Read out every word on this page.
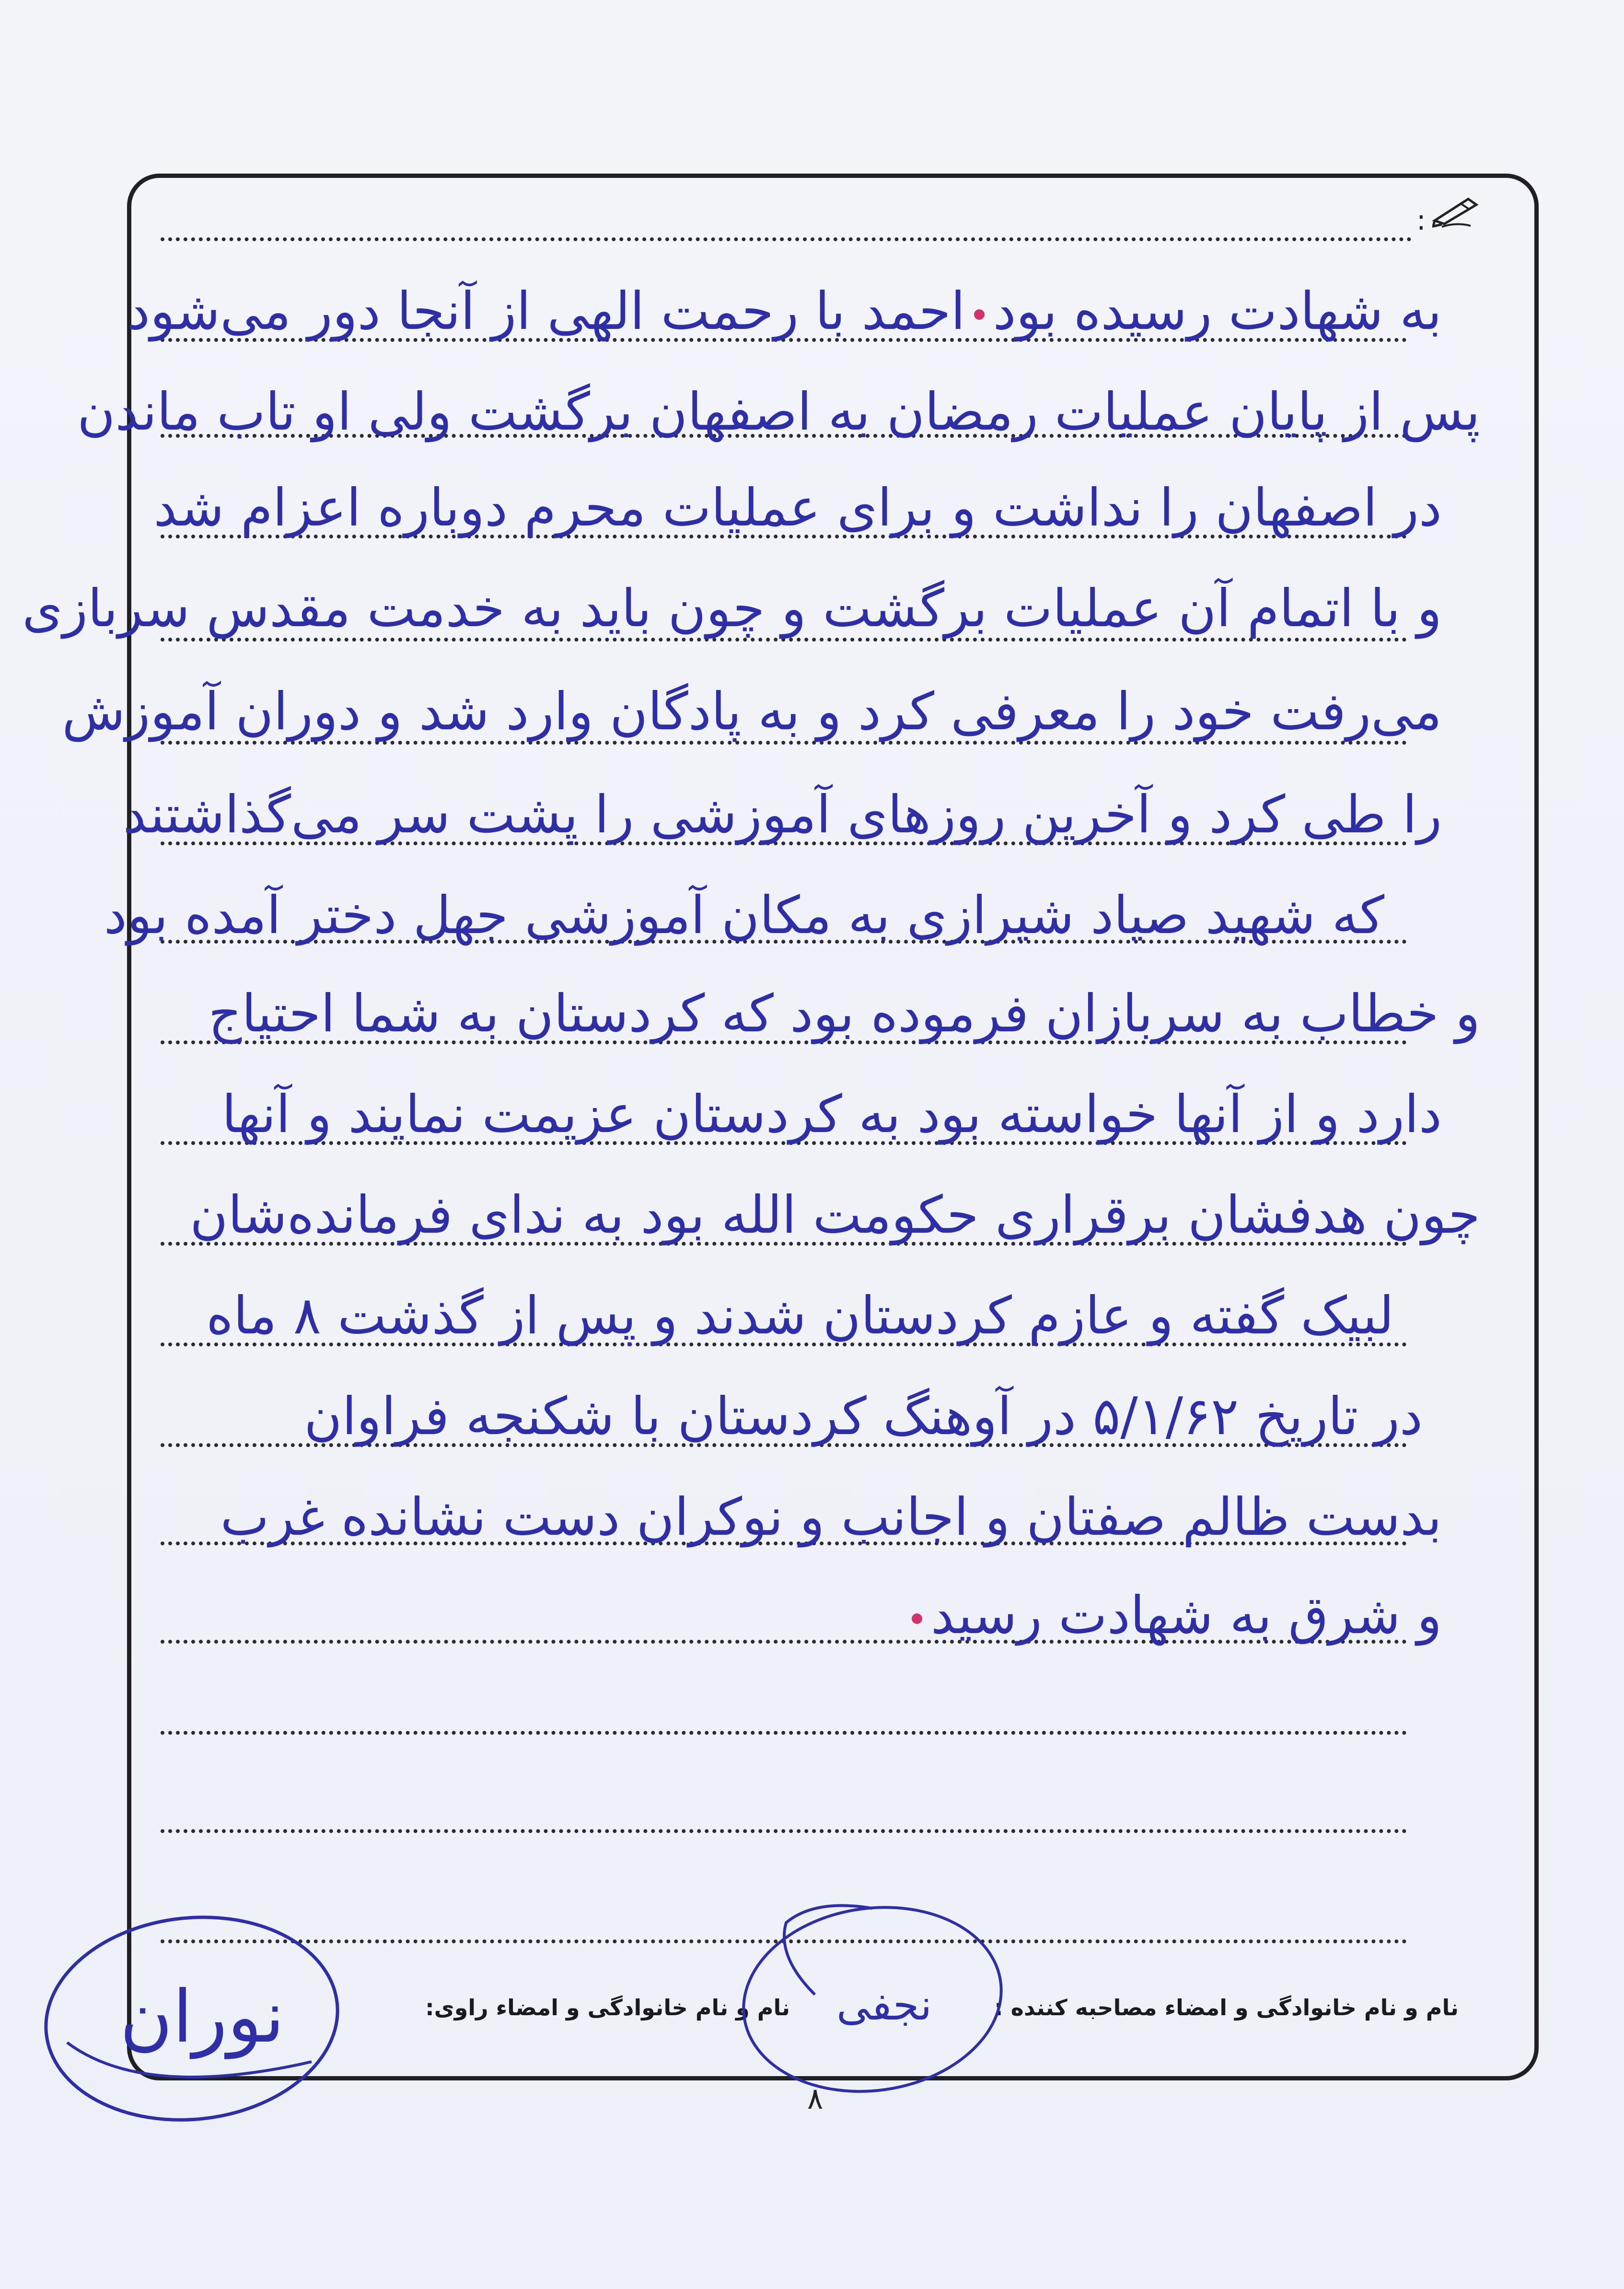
:
به شهادت رسیده بوداحمد با رحمت الهی از آنجا دور می‌شود
پس از پایان عملیات رمضان به اصفهان برگشت ولی او تاب ماندن
در اصفهان را نداشت و برای عملیات محرم دوباره اعزام شد
و با اتمام آن عملیات برگشت و چون باید به خدمت مقدس سربازی
می‌رفت خود را معرفی کرد و به پادگان وارد شد و دوران آموزش
را طی کرد و آخرین روزهای آموزشی را پشت سر می‌گذاشتند
که شهید صیاد شیرازی به مکان آموزشی جهل دختر آمده بود
و خطاب به سربازان فرموده بود که کردستان به شما احتیاج
دارد و از آنها خواسته بود به کردستان عزیمت نمایند و آنها
چون هدفشان برقراری حکومت الله بود به ندای فرمانده‌شان
لبیک گفته و عازم کردستان شدند و پس از گذشت ۸ ماه
در تاریخ ۵/۱/۶۲ در آوهنگ کردستان با شکنجه فراوان
بدست ظالم صفتان و اجانب و نوکران دست نشانده غرب
و شرق به شهادت رسید
نام و نام خانوادگی و امضاء مصاحبه کننده :
نام و نام خانوادگی و امضاء راوی: نجفی
نوران
۸
